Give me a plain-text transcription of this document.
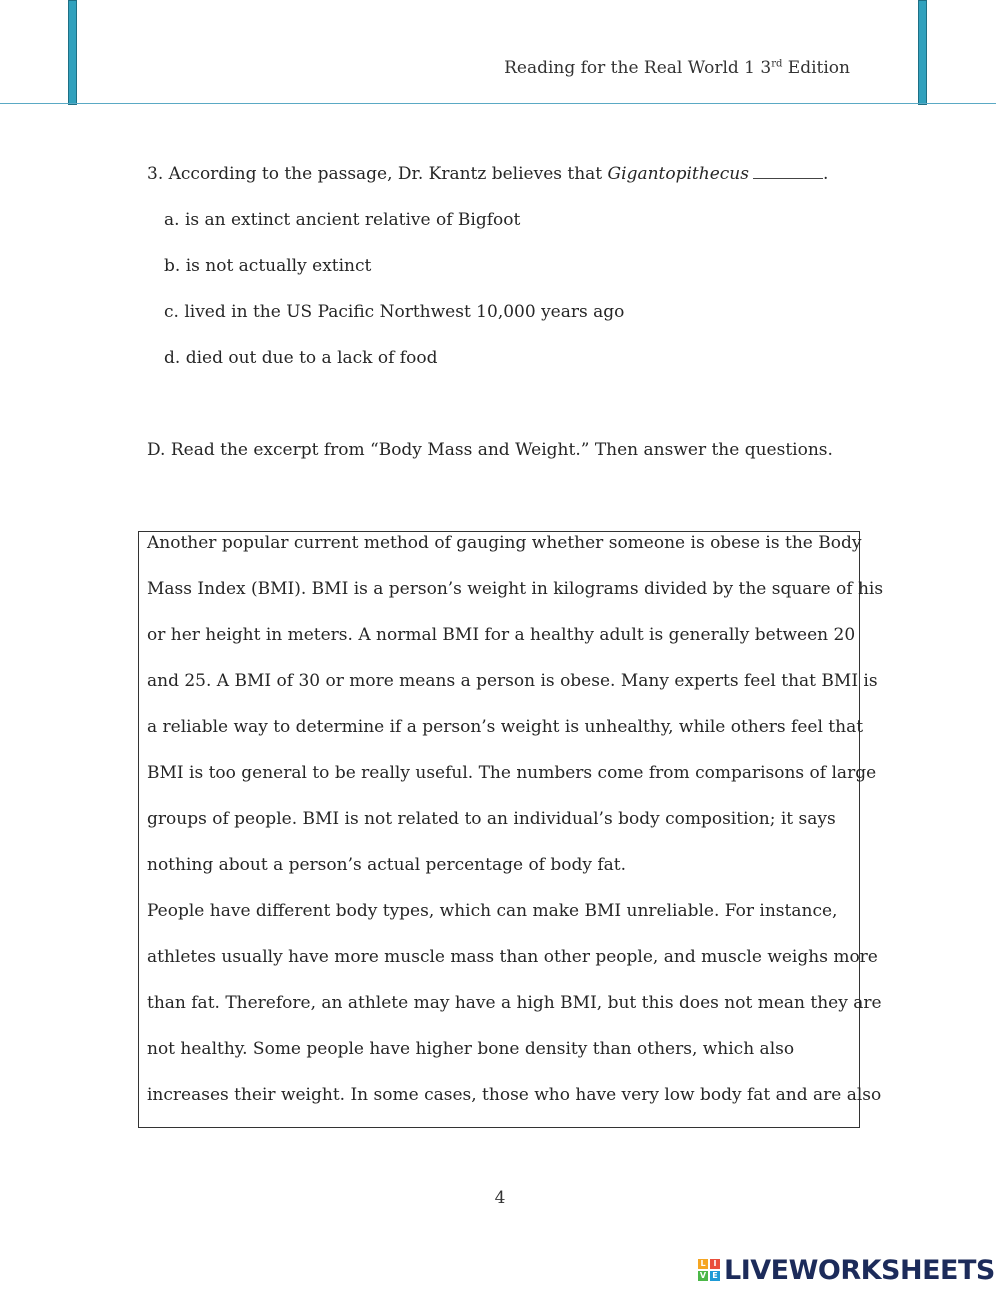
Reading for the Real World 1 3rd Edition
3. According to the passage, Dr. Krantz believes that Gigantopithecus	.
a. is an extinct ancient relative of Bigfoot
b. is not actually extinct
c. lived in the US Pacific Northwest 10,000 years ago
d. died out due to a lack of food
D. Read the excerpt from “Body Mass and Weight.” Then answer the questions.
Another popular current method of gauging whether someone is obese is the Body
Mass Index (BMI). BMI is a person’s weight in kilograms divided by the square of his
or her height in meters. A normal BMI for a healthy adult is generally between 20
and 25. A BMI of 30 or more means a person is obese. Many experts feel that BMI is
a reliable way to determine if a person’s weight is unhealthy, while others feel that
BMI is too general to be really useful. The numbers come from comparisons of large
groups of people. BMI is not related to an individual’s body composition; it says
nothing about a person’s actual percentage of body fat.
People have different body types, which can make BMI unreliable. For instance,
athletes usually have more muscle mass than other people, and muscle weighs more
than fat. Therefore, an athlete may have a high BMI, but this does not mean they are
not healthy. Some people have higher bone density than others, which also
increases their weight. In some cases, those who have very low body fat and are also
4
L I
V E LIVEWORKSHEETS
